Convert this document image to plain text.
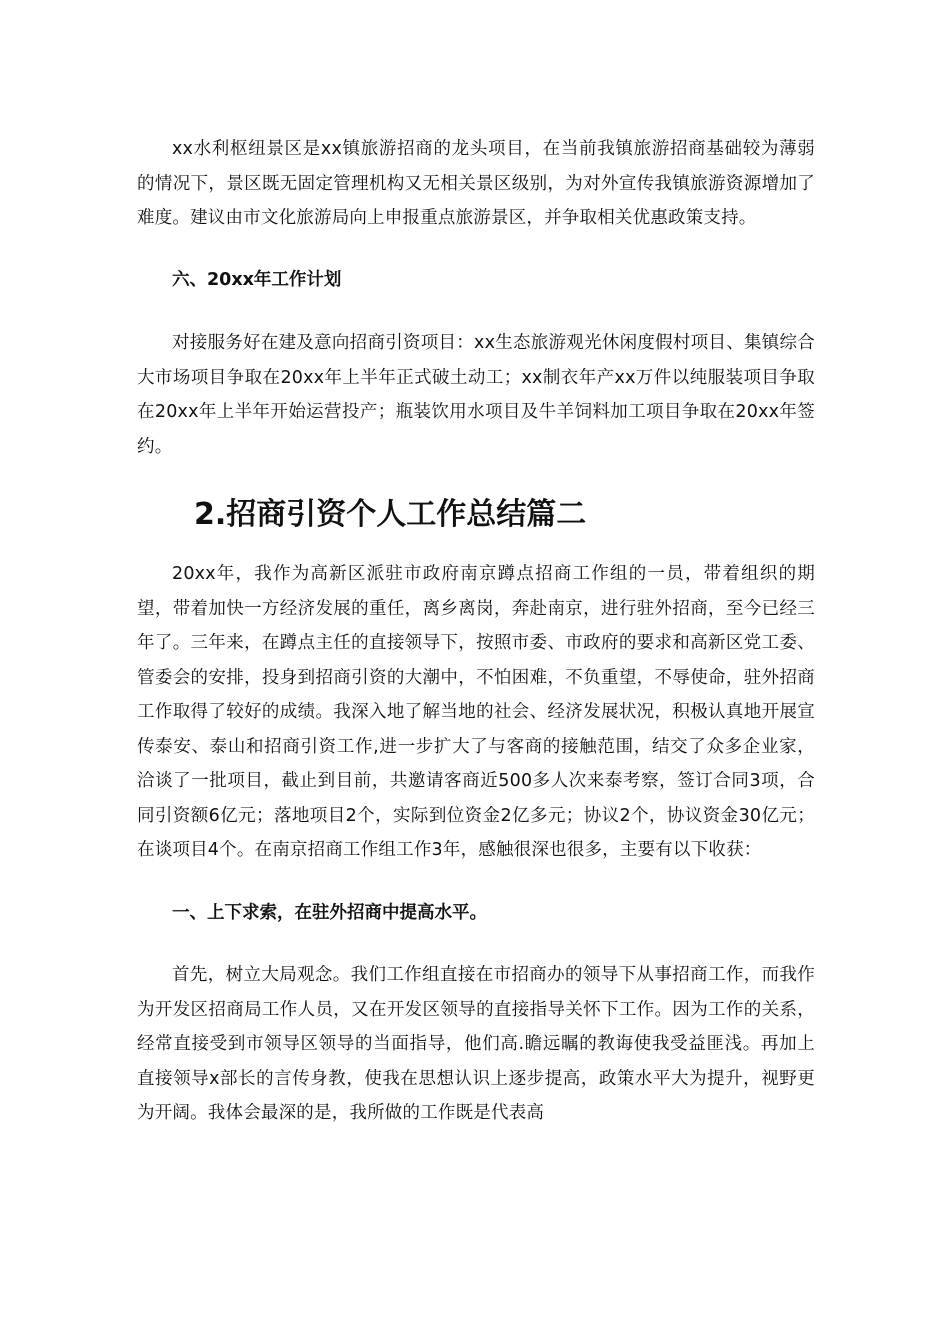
xx水利枢纽景区是xx镇旅游招商的龙头项目，在当前我镇旅游招商基础较为薄弱的情况下，景区既无固定管理机构又无相关景区级别，为对外宣传我镇旅游资源增加了难度。建议由市文化旅游局向上申报重点旅游景区，并争取相关优惠政策支持。

六、20xx年工作计划

对接服务好在建及意向招商引资项目：xx生态旅游观光休闲度假村项目、集镇综合大市场项目争取在20xx年上半年正式破土动工；xx制衣年产xx万件以纯服装项目争取在20xx年上半年开始运营投产；瓶装饮用水项目及牛羊饲料加工项目争取在20xx年签约。

2.招商引资个人工作总结篇二

20xx年，我作为高新区派驻市政府南京蹲点招商工作组的一员，带着组织的期望，带着加快一方经济发展的重任，离乡离岗，奔赴南京，进行驻外招商，至今已经三年了。三年来，在蹲点主任的直接领导下，按照市委、市政府的要求和高新区党工委、管委会的安排，投身到招商引资的大潮中，不怕困难，不负重望，不辱使命，驻外招商工作取得了较好的成绩。我深入地了解当地的社会、经济发展状况，积极认真地开展宣传泰安、泰山和招商引资工作,进一步扩大了与客商的接触范围，结交了众多企业家，洽谈了一批项目，截止到目前，共邀请客商近500多人次来泰考察，签订合同3项，合同引资额6亿元；落地项目2个，实际到位资金2亿多元；协议2个，协议资金30亿元；在谈项目4个。在南京招商工作组工作3年，感触很深也很多，主要有以下收获：

一、上下求索，在驻外招商中提高水平。

首先，树立大局观念。我们工作组直接在市招商办的领导下从事招商工作，而我作为开发区招商局工作人员，又在开发区领导的直接指导关怀下工作。因为工作的关系，经常直接受到市领导区领导的当面指导，他们高.瞻远瞩的教诲使我受益匪浅。再加上直接领导x部长的言传身教，使我在思想认识上逐步提高，政策水平大为提升，视野更为开阔。我体会最深的是，我所做的工作既是代表高
